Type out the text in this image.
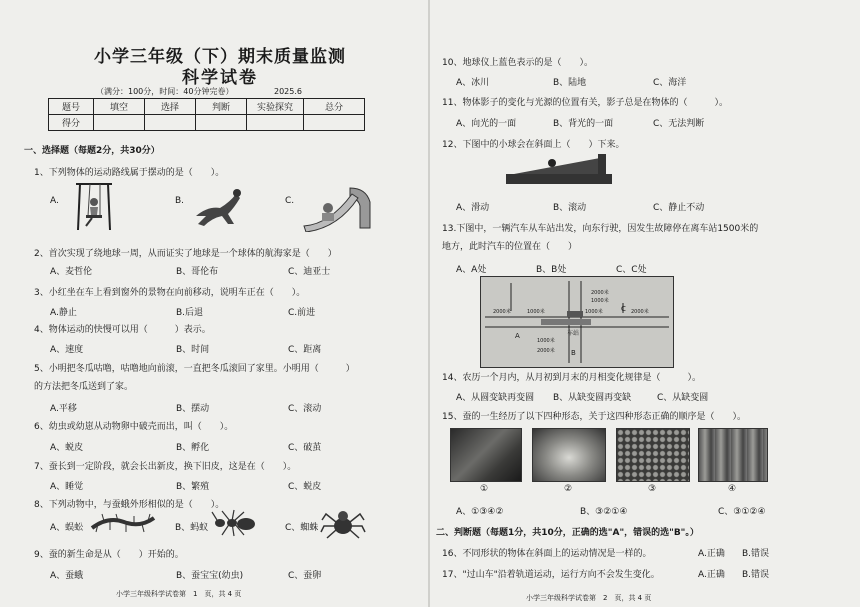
小学三年级（下）期末质量监测
科学试卷
（满分：100分，时间：40分钟完卷）	2025.6
题号	填空	选择	判断	实验探究	总分
得分					
一、选择题（每题2分，共30分）
1、下列物体的运动路线属于摆动的是（　　）。
A.	B.	C.
2、首次实现了绕地球一周，从而证实了地球是一个球体的航海家是（　　）
A、麦哲伦	B、哥伦布	C、迪亚士
3、小红坐在车上看到窗外的景物在向前移动，说明车正在（　　）。
A.静止	B.后退	C.前进
4、物体运动的快慢可以用（　　　）表示。
A、速度	B、时间	C、距离
5、小明把冬瓜咕噜，咕噜地向前滚，一直把冬瓜滚回了家里。小明用（　　　）
的方法把冬瓜送到了家。
A.平移	B、摆动	C、滚动
6、幼虫或幼崽从动物卵中破壳而出，叫（　　）。
A、蜕皮	B、孵化	C、破茧
7、蚕长到一定阶段，就会长出新皮，换下旧皮，这是在（　　）。
A、睡觉	B、繁殖	C、蜕皮
8、下列动物中，与蚕蛾外形相似的是（　　）。
A、蜈蚣	B、蚂蚁	C、蜘蛛
9、蚕的新生命是从（　　）开始的。
A、蚕蛾	B、蚕宝宝(幼虫)	C、蚕卵
小学三年级科学试卷第　1　页，共 4 页
10、地球仪上蓝色表示的是（　　）。
A、冰川	B、陆地	C、海洋
11、物体影子的变化与光源的位置有关，影子总是在物体的（　　　）。
A、向光的一面	B、背光的一面	C、无法判断
12、下图中的小球会在斜面上（　　）下来。
A、滑动	B、滚动	C、静止不动
13.下图中，一辆汽车从车站出发，向东行驶，因发生故障停在离车站1500米的
地方，此时汽车的位置在（　　）
A、A处	B、B处	C、C处
2000米
1000米
2000米	1000米
车站
1000米	2000米
1000米
2000米
A
B
C
14、农历一个月内，从月初到月末的月相变化规律是（　　　）。
A、从圆变缺再变圆 B、从缺变圆再变缺	C、从缺变圆
15、蚕的一生经历了以下四种形态，关于这四种形态正确的顺序是（　　）。
①	②	③	④
A、①③④②	B、③②①④	C、③①②④
二、判断题（每题1分，共10分，正确的选"A"，错误的选"B"。）
16、不同形状的物体在斜面上的运动情况是一样的。	A.正确 B.错误
17、"过山车"沿着轨道运动，运行方向不会发生变化。	A.正确 B.错误
小学三年级科学试卷第　2　页，共 4 页
